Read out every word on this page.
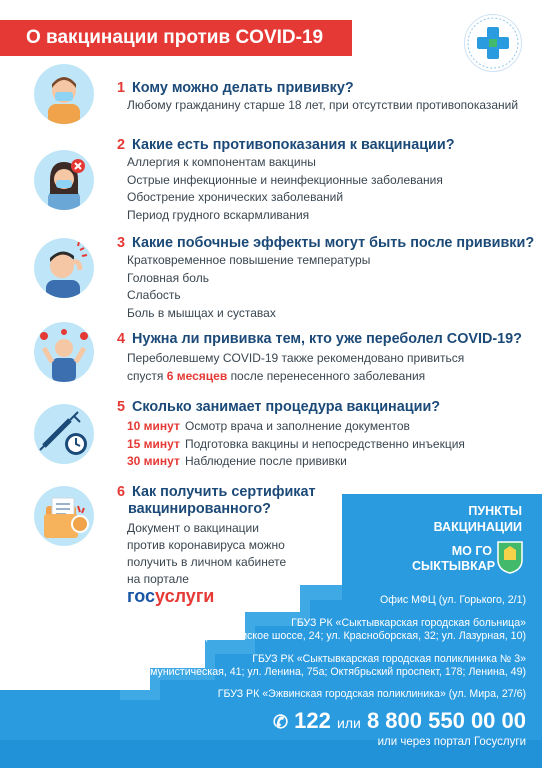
О вакцинации против COVID-19
1 Кому можно делать прививку?
Любому гражданину старше 18 лет, при отсутствии противопоказаний
2 Какие есть противопоказания к вакцинации?
Аллергия к компонентам вакцины
Острые инфекционные и неинфекционные заболевания
Обострение хронических заболеваний
Период грудного вскармливания
3 Какие побочные эффекты могут быть после прививки?
Кратковременное повышение температуры
Головная боль
Слабость
Боль в мышцах и суставах
4 Нужна ли прививка тем, кто уже переболел COVID-19?
Переболевшему COVID-19 также рекомендовано привиться
спустя 6 месяцев после перенесенного заболевания
5 Сколько занимает процедура вакцинации?
10 минут Осмотр врача и заполнение документов
15 минут Подготовка вакцины и непосредственно инъекция
30 минут Наблюдение после прививки
6 Как получить сертификат
вакцинированного?
Документ о вакцинации
против коронавируса можно
получить в личном кабинете
на портале
госуслуги
ПУНКТЫ
ВАКЦИНАЦИИ
МО ГО
СЫКТЫВКАР
Офис МФЦ (ул. Горького, 2/1)
ГБУЗ РК «Сыктывкарская городская больница»
(Нювчимское шоссе, 24; ул. Красноборская, 32; ул. Лазурная, 10)
ГБУЗ РК «Сыктывкарская городская поликлиника № 3»
(ул. Коммунистическая, 41; ул. Ленина, 75а; Октябрьский проспект, 178; Ленина, 49)
ГБУЗ РК «Эжвинская городская поликлиника» (ул. Мира, 27/6)
✆ 122 или 8 800 550 00 00
или через портал Госуслуги
